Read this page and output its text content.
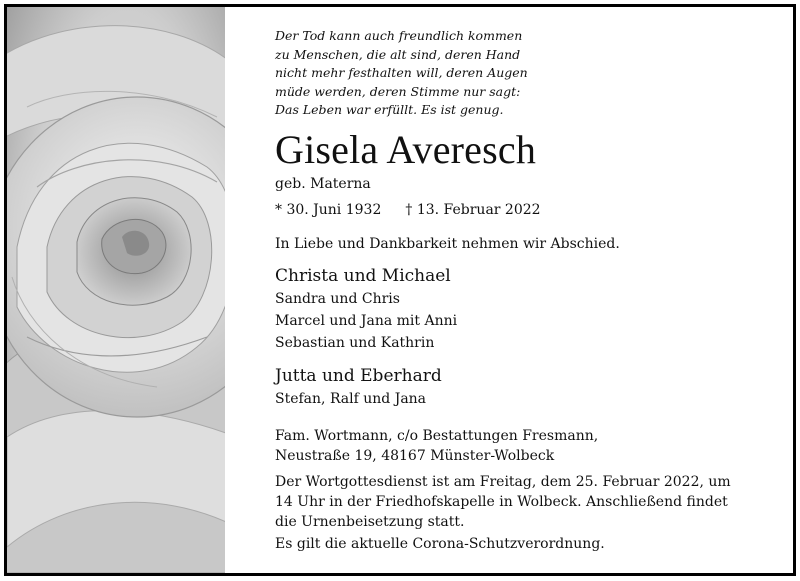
Der Tod kann auch freundlich kommen
zu Menschen, die alt sind, deren Hand
nicht mehr festhalten will, deren Augen
müde werden, deren Stimme nur sagt:
Das Leben war erfüllt. Es ist genug.
Gisela Averesch
geb. Materna
* 30. Juni 1932 † 13. Februar 2022
In Liebe und Dankbarkeit nehmen wir Abschied.
Christa und Michael
Sandra und Chris
Marcel und Jana mit Anni
Sebastian und Kathrin
Jutta und Eberhard
Stefan, Ralf und Jana
Fam. Wortmann, c/o Bestattungen Fresmann,
Neustraße 19, 48167 Münster-Wolbeck
Der Wortgottesdienst ist am Freitag, dem 25. Februar 2022, um
14 Uhr in der Friedhofskapelle in Wolbeck. Anschließend findet
die Urnenbeisetzung statt.
Es gilt die aktuelle Corona-Schutzverordnung.
